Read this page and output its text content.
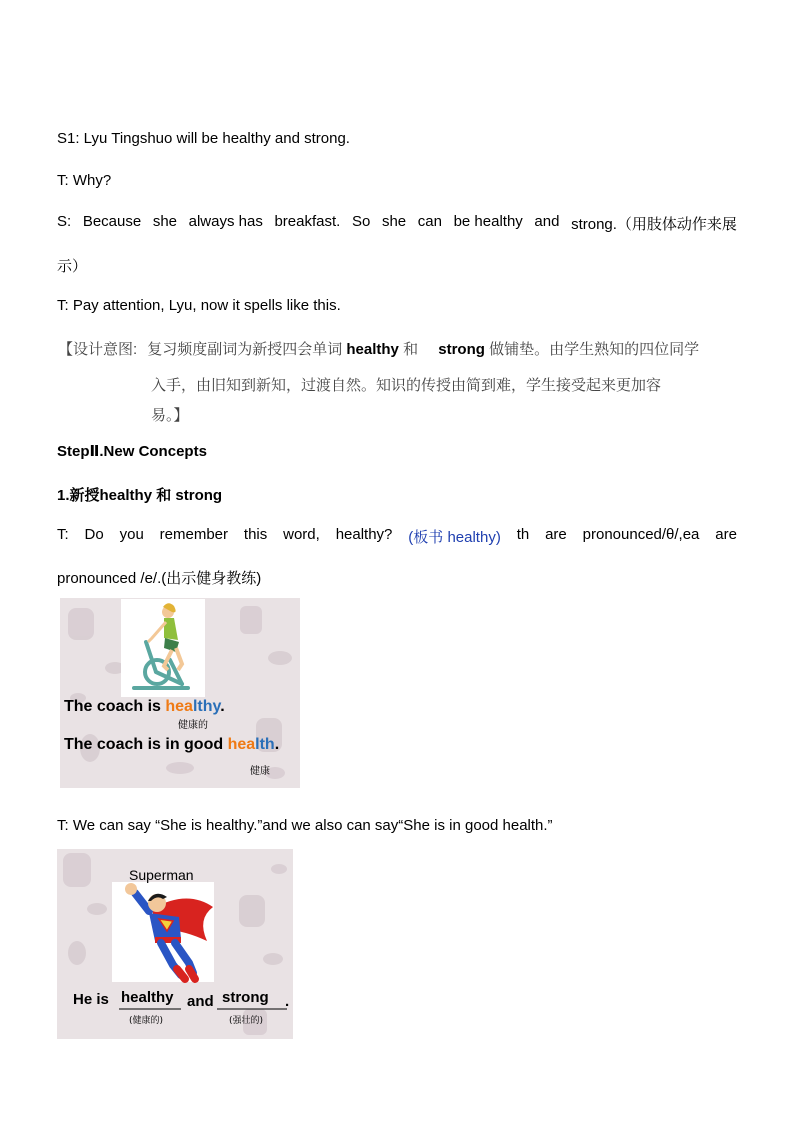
S1: Lyu Tingshuo will be healthy and strong.
T: Why?
S: Because she always has breakfast. So she can be healthy and strong.（用肢体动作来展
示）
T: Pay attention, Lyu, now it spells like this.
【设计意图: 复习频度副词为新授四会单词 healthy 和 strong 做铺垫。由学生熟知的四位同学
入手，由旧知到新知，过渡自然。知识的传授由简到难，学生接受起来更加容
易。】
StepⅡ.New Concepts
1.新授healthy 和 strong
T: Do you remember this word, healthy? (板书 healthy) th are pronounced/θ/,ea are
pronounced /e/.(出示健身教练)
The coach is healthy.
健康的
The coach is in good health.
健康
T: We can say “She is healthy.”and we also can say“She is in good health.”
Superman
He is healthy and strong .
(健康的)	(强壮的)
